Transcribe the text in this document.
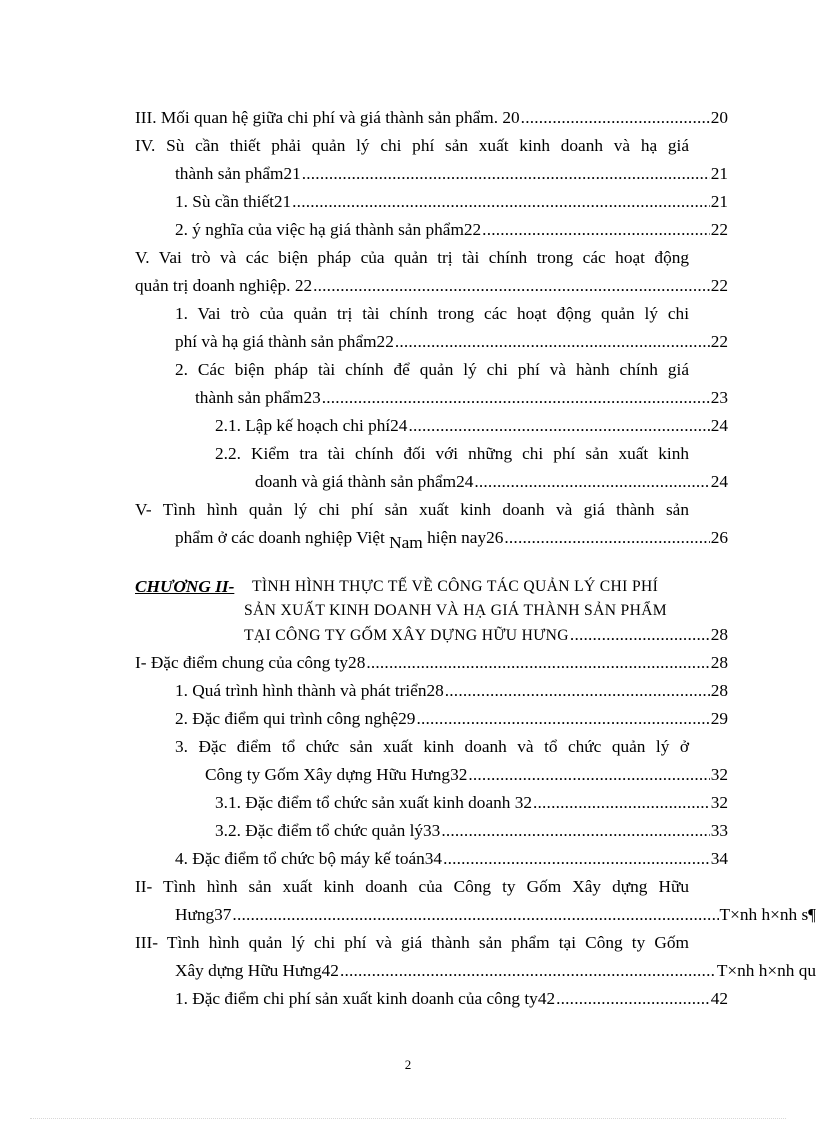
III. Mối quan hệ giữa chi phí và giá thành sản phẩm. 20 .....	20
IV. Sù cần thiết phải quản lý chi phí sản xuất kinh doanh và hạ giá
thành sản phẩm21 .....	21
1. Sù cần thiết21 .....	21
2. ý nghĩa của việc hạ giá thành sản phẩm22 .....	22
V. Vai trò và các biện pháp của quản trị tài chính trong các hoạt động
quản trị doanh nghiệp. 22 .....	22
1. Vai trò của quản trị tài chính trong các hoạt động quản lý chi
phí và hạ giá thành sản phẩm22 .....	22
2. Các biện pháp tài chính để quản lý chi phí và hành chính giá
thành sản phẩm23 .....	23
2.1. Lập kế hoạch chi phí24 .....	24
2.2. Kiểm tra tài chính đối với những chi phí sản xuất kinh
doanh và giá thành sản phẩm24 .....	24
V- Tình hình quản lý chi phí sản xuất kinh doanh và giá thành sản
phẩm ở các doanh nghiệp Việt
Nam
hiện nay26 .....	26
CHƯƠNG II- TÌNH HÌNH THỰC TẾ VỀ CÔNG TÁC QUẢN LÝ CHI PHÍ
SẢN XUẤT KINH DOANH VÀ HẠ GIÁ THÀNH SẢN PHẨM
TẠI CÔNG TY GỐM XÂY DỰNG HỮU HƯNG .....	28
I- Đặc điểm chung của công ty28 .....	28
1. Quá trình hình thành và phát triển28 .....	28
2. Đặc điểm qui trình công nghệ29 .....	29
3. Đặc điểm tổ chức sản xuất kinh doanh và tổ chức quản lý ở
Công ty Gốm Xây dựng Hữu Hưng32 .....	32
3.1. Đặc điểm tổ chức sản xuất kinh doanh 32 .....	32
3.2. Đặc điểm tổ chức quản lý33 .....	33
4. Đặc điểm tổ chức bộ máy kế toán34 .....	34
II- Tình hình sản xuất kinh doanh của Công ty Gốm Xây dựng Hữu
Hưng37 .....	T×nh h×nh s¶
III- Tình hình quản lý chi phí và giá thành sản phẩm tại Công ty Gốm
Xây dựng Hữu Hưng42 .....	T×nh h×nh qu
1. Đặc điểm chi phí sản xuất kinh doanh của công ty42 .....	42
2
